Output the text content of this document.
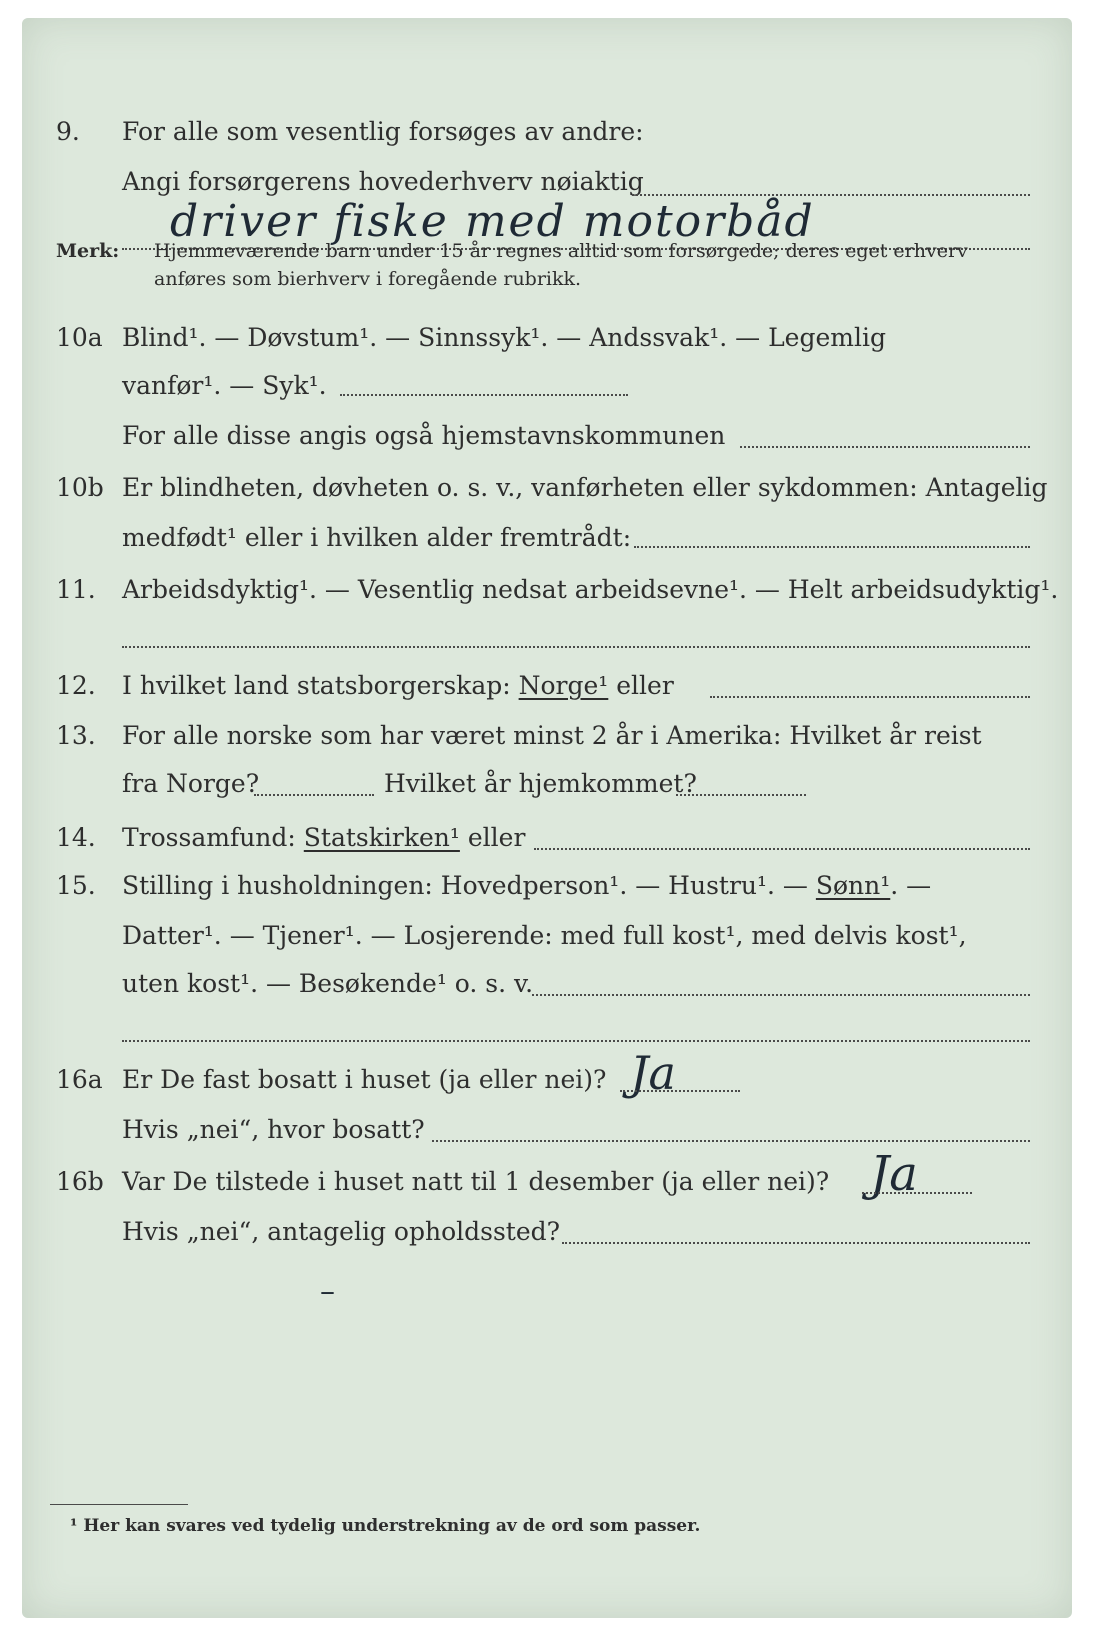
9. For alle som vesentlig forsøges av andre:
Angi forsørgerens hovederhverv nøiaktig
driver fiske med motorbåd
Merk: Hjemmeværende barn under 15 år regnes alltid som forsørgede; deres eget erhverv
anføres som bierhverv i foregående rubrikk.
10a Blind¹. — Døvstum¹. — Sinnssyk¹. — Andssvak¹. — Legemlig
vanfør¹. — Syk¹.
For alle disse angis også hjemstavnskommunen
10b Er blindheten, døvheten o. s. v., vanførheten eller sykdommen: Antagelig
medfødt¹ eller i hvilken alder fremtrådt:
11. Arbeidsdyktig¹. — Vesentlig nedsat arbeidsevne¹. — Helt arbeidsudyktig¹.
12. I hvilket land statsborgerskap: Norge¹ eller
13. For alle norske som har været minst 2 år i Amerika: Hvilket år reist
fra Norge?	Hvilket år hjemkommet?
14. Trossamfund: Statskirken¹ eller
15. Stilling i husholdningen: Hovedperson¹. — Hustru¹. — Sønn¹. —
Datter¹. — Tjener¹. — Losjerende: med full kost¹, med delvis kost¹,
uten kost¹. — Besøkende¹ o. s. v.
16a Er De fast bosatt i huset (ja eller nei)? Ja
Hvis „nei“, hvor bosatt?
16b Var De tilstede i huset natt til 1 desember (ja eller nei)? Ja
Hvis „nei“, antagelig opholdssted?
–
¹ Her kan svares ved tydelig understrekning av de ord som passer.
